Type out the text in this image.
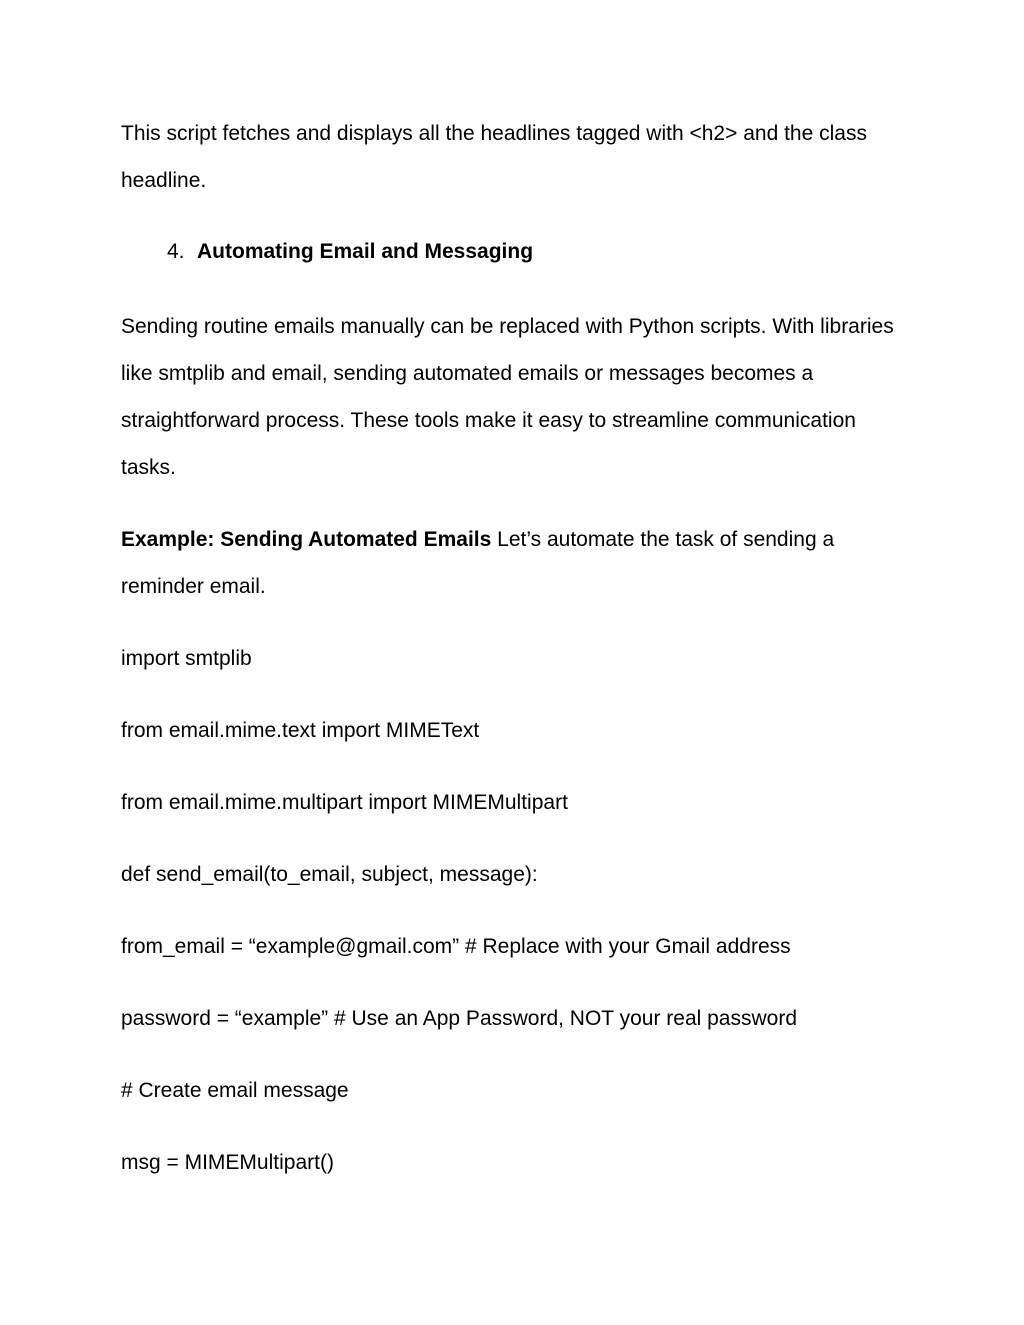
This script fetches and displays all the headlines tagged with <h2> and the class headline.

4. Automating Email and Messaging

Sending routine emails manually can be replaced with Python scripts. With libraries like smtplib and email, sending automated emails or messages becomes a straightforward process. These tools make it easy to streamline communication tasks.

Example: Sending Automated Emails Let’s automate the task of sending a reminder email.

import smtplib

from email.mime.text import MIMEText

from email.mime.multipart import MIMEMultipart

def send_email(to_email, subject, message):

from_email = “example@gmail.com” # Replace with your Gmail address

password = “example” # Use an App Password, NOT your real password

# Create email message

msg = MIMEMultipart()
